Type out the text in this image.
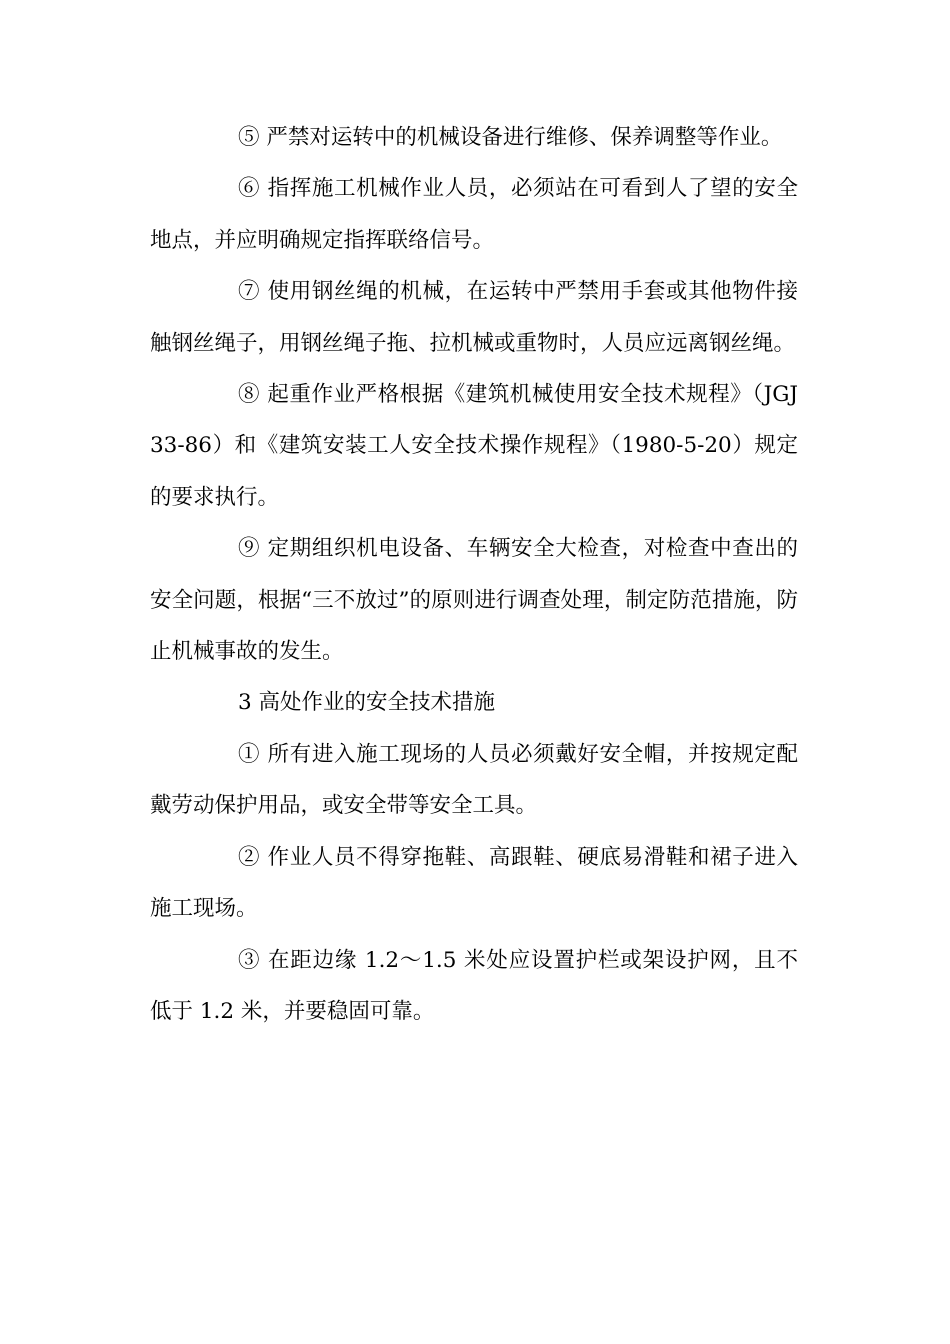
⑤ 严禁对运转中的机械设备进行维修、保养调整等作业。

⑥ 指挥施工机械作业人员，必须站在可看到人了望的安全地点，并应明确规定指挥联络信号。

⑦ 使用钢丝绳的机械，在运转中严禁用手套或其他物件接触钢丝绳子，用钢丝绳子拖、拉机械或重物时，人员应远离钢丝绳。

⑧ 起重作业严格根据《建筑机械使用安全技术规程》（JGJ33-86）和《建筑安装工人安全技术操作规程》（1980-5-20）规定的要求执行。

⑨ 定期组织机电设备、车辆安全大检查，对检查中查出的安全问题，根据“三不放过”的原则进行调查处理，制定防范措施，防止机械事故的发生。

3 高处作业的安全技术措施

① 所有进入施工现场的人员必须戴好安全帽，并按规定配戴劳动保护用品，或安全带等安全工具。

② 作业人员不得穿拖鞋、高跟鞋、硬底易滑鞋和裙子进入施工现场。

③ 在距边缘 1.2～1.5 米处应设置护栏或架设护网，且不低于 1.2 米，并要稳固可靠。
